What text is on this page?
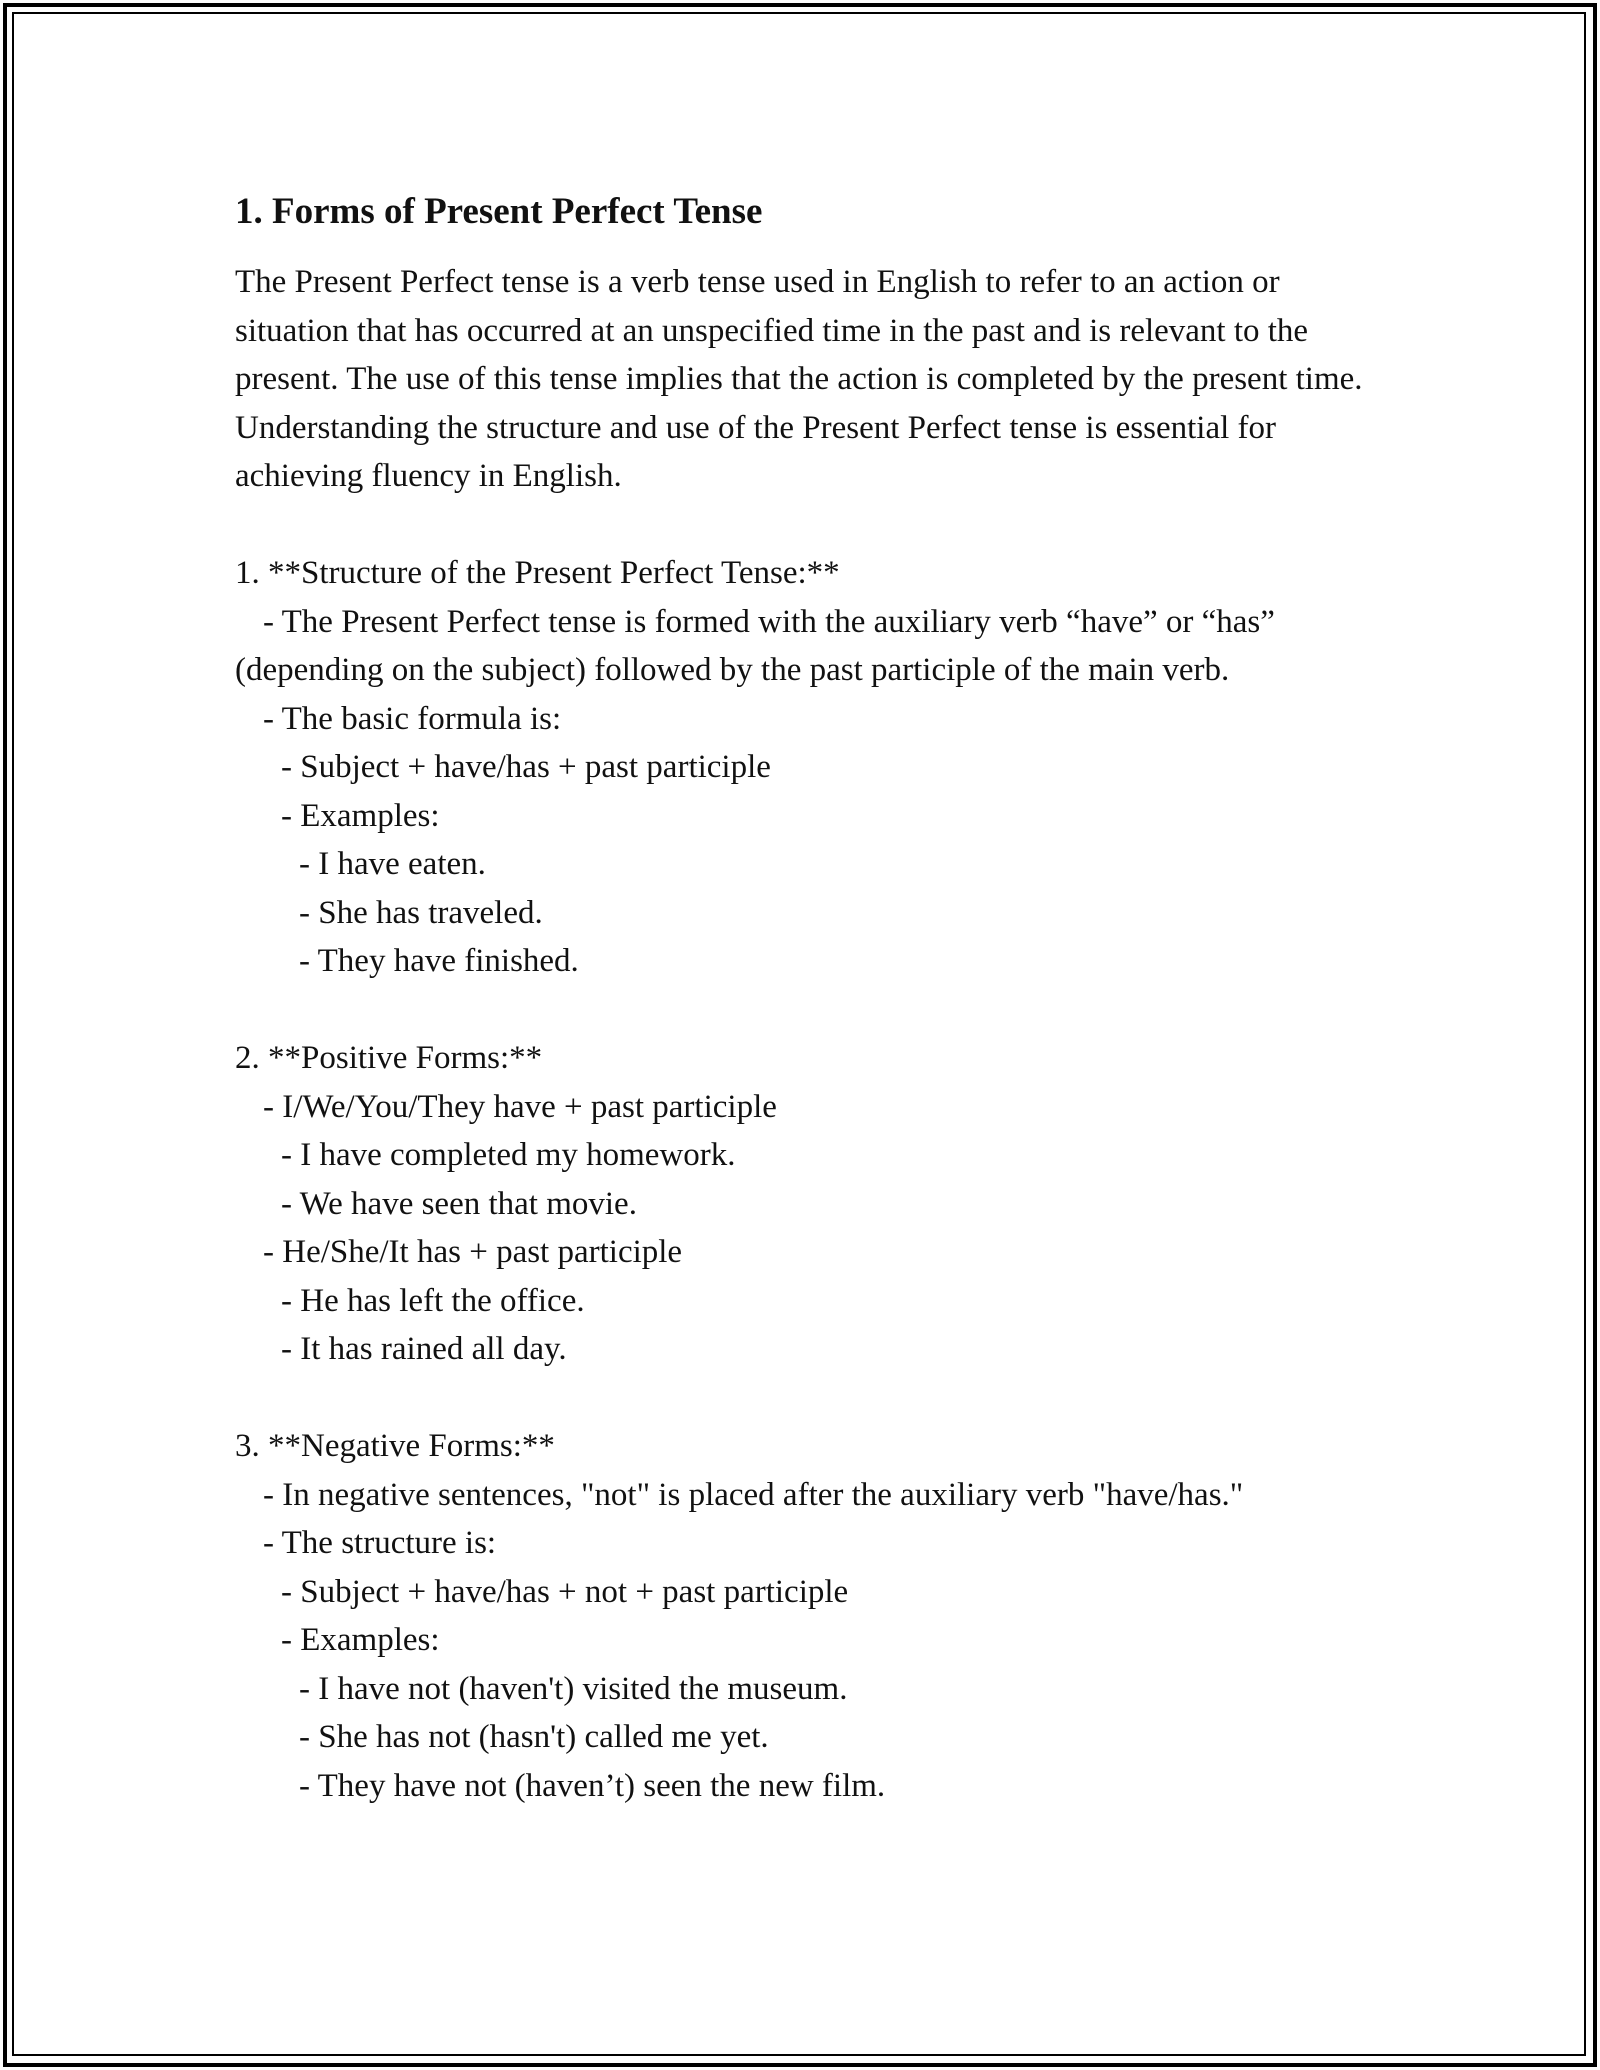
1. Forms of Present Perfect Tense

The Present Perfect tense is a verb tense used in English to refer to an action or situation that has occurred at an unspecified time in the past and is relevant to the present. The use of this tense implies that the action is completed by the present time. Understanding the structure and use of the Present Perfect tense is essential for achieving fluency in English.

1. **Structure of the Present Perfect Tense:**
- The Present Perfect tense is formed with the auxiliary verb “have” or “has” (depending on the subject) followed by the past participle of the main verb.
- The basic formula is:
- Subject + have/has + past participle
- Examples:
- I have eaten.
- She has traveled.
- They have finished.
2. **Positive Forms:**
- I/We/You/They have + past participle
- I have completed my homework.
- We have seen that movie.
- He/She/It has + past participle
- He has left the office.
- It has rained all day.
3. **Negative Forms:**
- In negative sentences, "not" is placed after the auxiliary verb "have/has."
- The structure is:
- Subject + have/has + not + past participle
- Examples:
- I have not (haven't) visited the museum.
- She has not (hasn't) called me yet.
- They have not (haven’t) seen the new film.
